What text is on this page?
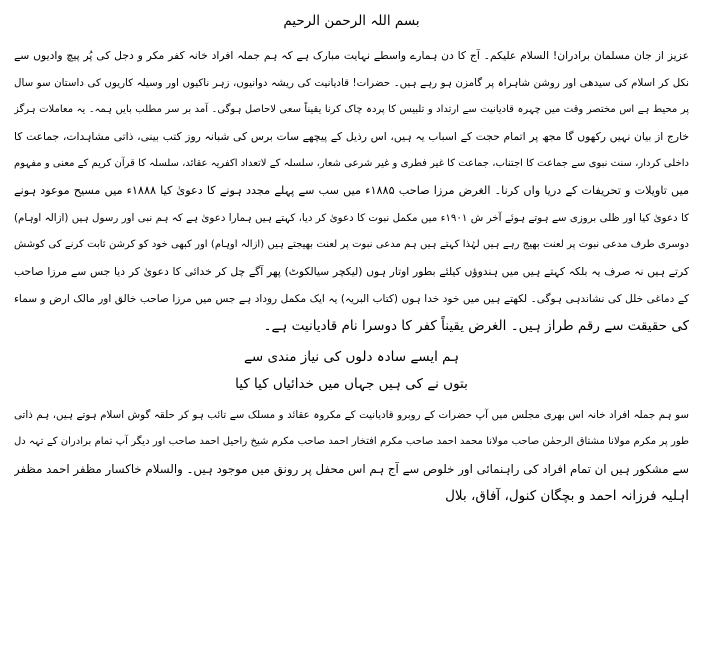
بسم اللہ الرحمن الرحیم
عزیز از جان مسلمان برادران! السلام علیکم۔ آج کا دن ہمارے واسطے نہایت مبارک ہے کہ ہم جملہ افراد خانہ کفر مکر و دجل کی پُر پیچ وادیوں سے
نکل کر اسلام کی سیدھی اور روشن شاہراہ پر گامزن ہو رہے ہیں۔ حضرات! قادیانیت کی ریشہ دوانیوں، زہر ناکیوں اور وسیلہ کاریوں کی داستان سو سال
پر محیط ہے اس مختصر وقت میں چہرہ قادیانیت سے ارتداد و تلبیس کا پردہ چاک کرنا یقیناً سعی لاحاصل ہوگی۔ آمد بر سر مطلب بایں ہمہ۔ یہ معاملات ہرگز
خارج از بیان نہیں رکھوں گا مجھ پر اتمام حجت کے اسباب یہ ہیں، اس رذیل کے پیچھے سات برس کی شبانہ روز کتب بینی، ذاتی مشاہدات، جماعت کا
داخلی کردار، سنت نبوی سے جماعت کا اجتناب، جماعت کا غیر فطری و غیر شرعی شعار، سلسلہ کے لاتعداد اکفریہ عقائد، سلسلہ کا قرآن کریم کے معنی و مفہوم
میں تاویلات و تحریفات کے دریا واں کرنا۔ الغرض مرزا صاحب ۱۸۸۵ء میں سب سے پہلے مجدد ہونے کا دعویٰ کیا ۱۸۸۸ء میں مسیح موعود ہونے
کا دعویٰ کیا اور ظلی بروزی سے ہوتے ہوئے آخر ش ۱۹۰۱ء میں مکمل نبوت کا دعویٰ کر دیا، کہتے ہیں ہمارا دعویٰ ہے کہ ہم نبی اور رسول ہیں (ازالہ اوہام)
دوسری طرف مدعی نبوت پر لعنت بھیج رہے ہیں لہٰذا کہتے ہیں ہم مدعی نبوت پر لعنت بھیجتے ہیں (ازالہ اوہام) اور کبھی خود کو کرشن ثابت کرنے کی کوشش
کرتے ہیں نہ صرف یہ بلکہ کہتے ہیں میں ہندوؤں کیلئے بطور اوتار ہوں (لیکچر سیالکوٹ) پھر آگے چل کر خدائی کا دعویٰ کر دیا جس سے مرزا صاحب
کے دماغی خلل کی نشاندہی ہوگی۔ لکھتے ہیں میں خود خدا ہوں (کتاب البریہ) یہ ایک مکمل روداد ہے جس میں مرزا صاحب خالق اور مالک ارض و سماء
کی حقیقت سے رقم طراز ہیں۔ الغرض یقیناً کفر کا دوسرا نام قادیانیت ہے۔
ہم ایسے سادہ دلوں کی نیاز مندی سے
بتوں نے کی ہیں جہاں میں خدائیاں کیا کیا
سو ہم جملہ افراد خانہ اس بھری مجلس میں آپ حضرات کے روبرو قادیانیت کے مکروہ عقائد و مسلک سے تائب ہو کر حلقہ گوش اسلام ہوتے ہیں، ہم ذاتی
طور پر مکرم مولانا مشتاق الرحمٰن صاحب مولانا محمد احمد صاحب مکرم افتخار احمد صاحب مکرم شیخ راحیل احمد صاحب اور دیگر آپ تمام برادران کے تہہ دل
سے مشکور ہیں ان تمام افراد کی راہنمائی اور خلوص سے آج ہم اس محفل پر رونق میں موجود ہیں۔ والسلام خاکسار مظفر احمد مظفر
اہلیہ فرزانہ احمد و بچگان کنول، آفاق، بلال
